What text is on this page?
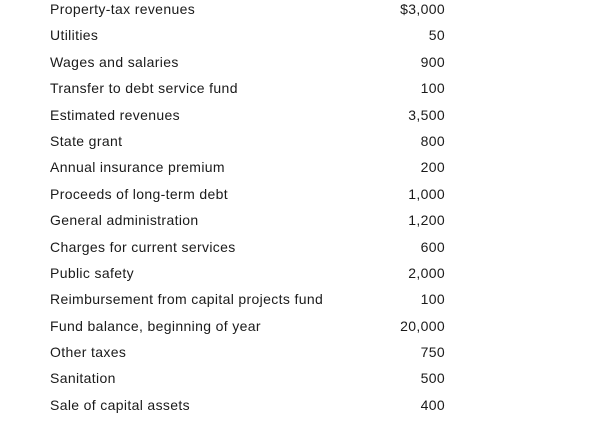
Property-tax revenues	$3,000
Utilities	50
Wages and salaries	900
Transfer to debt service fund	100
Estimated revenues	3,500
State grant	800
Annual insurance premium	200
Proceeds of long-term debt	1,000
General administration	1,200
Charges for current services	600
Public safety	2,000
Reimbursement from capital projects fund	100
Fund balance, beginning of year	20,000
Other taxes	750
Sanitation	500
Sale of capital assets	400
